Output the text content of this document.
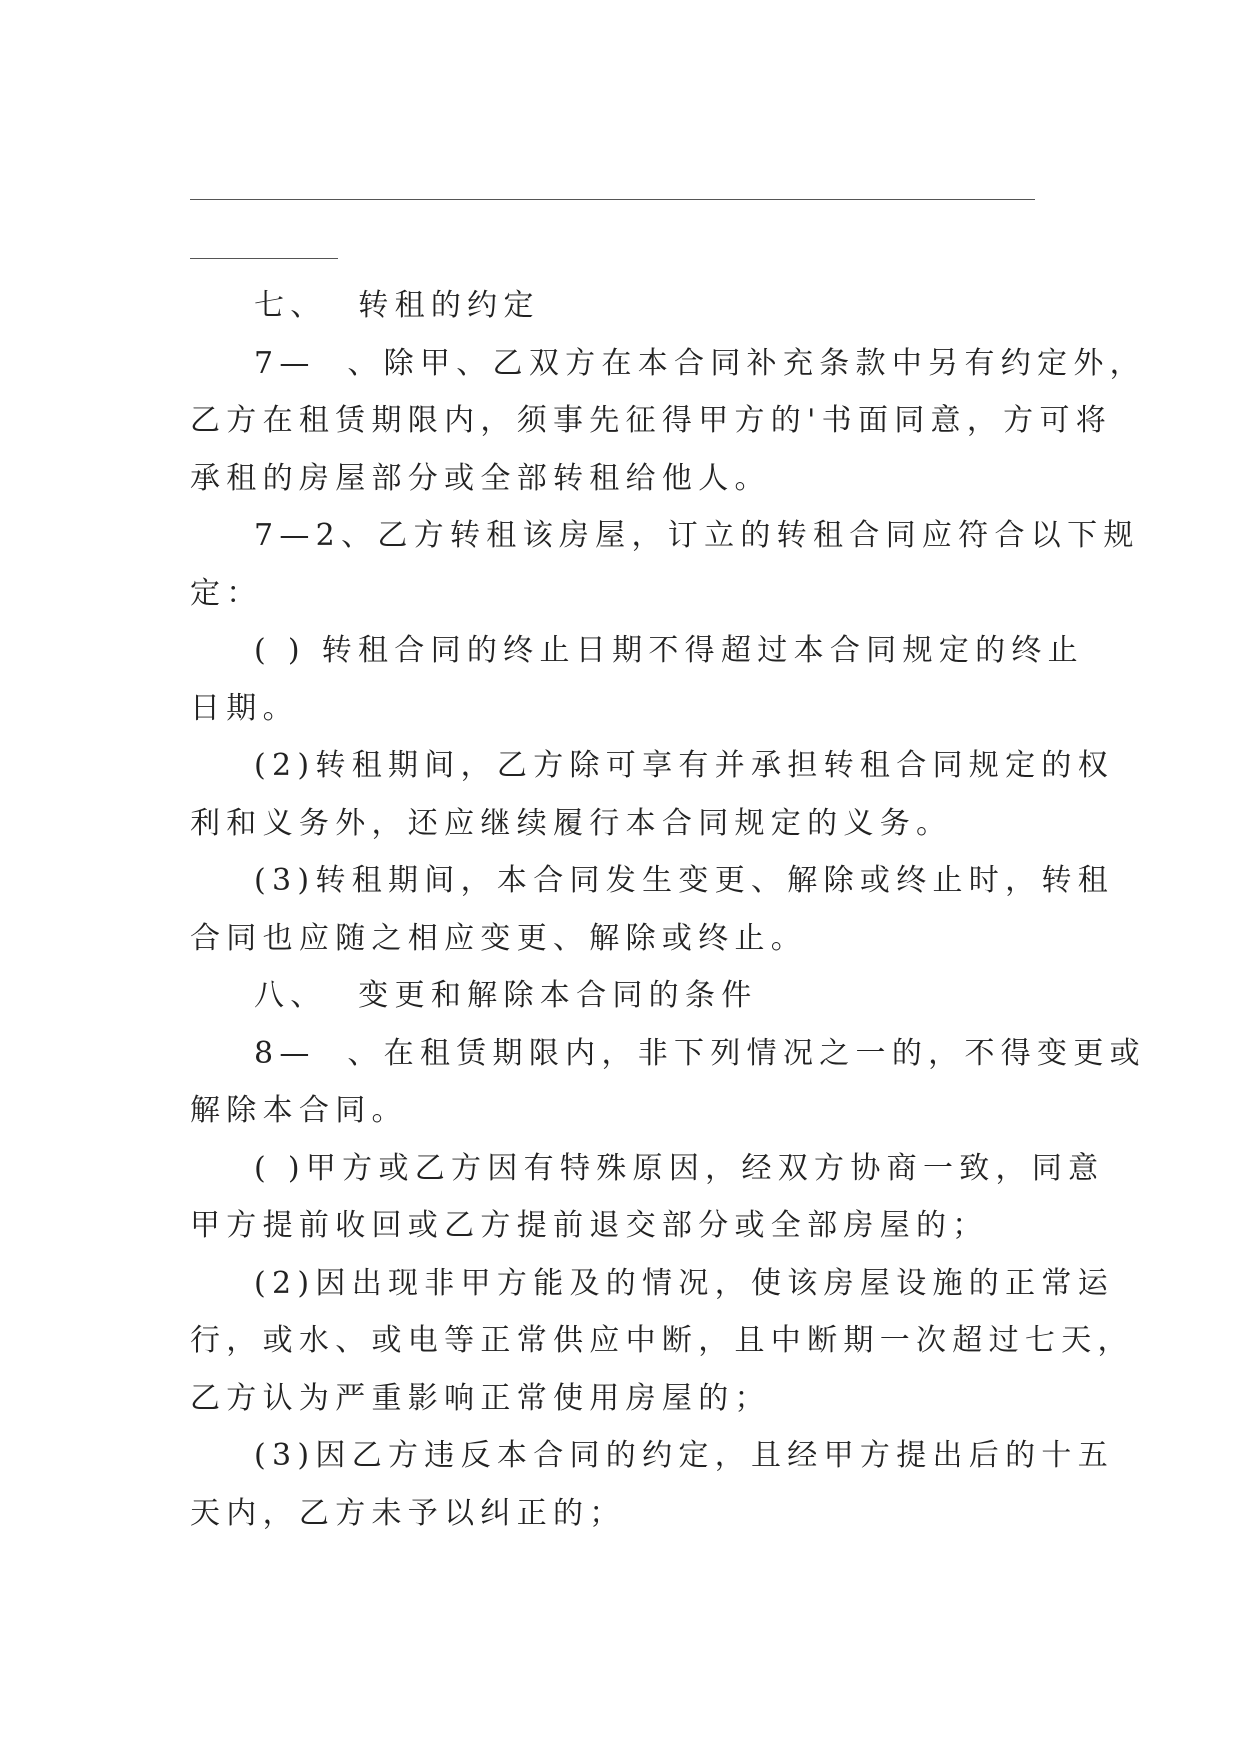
七、  转租的约定
7—  、除甲、乙双方在本合同补充条款中另有约定外，
乙方在租赁期限内，须事先征得甲方的'书面同意，方可将
承租的房屋部分或全部转租给他人。
7—2、乙方转租该房屋，订立的转租合同应符合以下规
定：
( ) 转租合同的终止日期不得超过本合同规定的终止
日期。
(2)转租期间，乙方除可享有并承担转租合同规定的权
利和义务外，还应继续履行本合同规定的义务。
(3)转租期间，本合同发生变更、解除或终止时，转租
合同也应随之相应变更、解除或终止。
八、  变更和解除本合同的条件
8—  、在租赁期限内，非下列情况之一的，不得变更或
解除本合同。
( )甲方或乙方因有特殊原因，经双方协商一致，同意
甲方提前收回或乙方提前退交部分或全部房屋的；
(2)因出现非甲方能及的情况，使该房屋设施的正常运
行，或水、或电等正常供应中断，且中断期一次超过七天，
乙方认为严重影响正常使用房屋的；
(3)因乙方违反本合同的约定，且经甲方提出后的十五
天内，乙方未予以纠正的；
